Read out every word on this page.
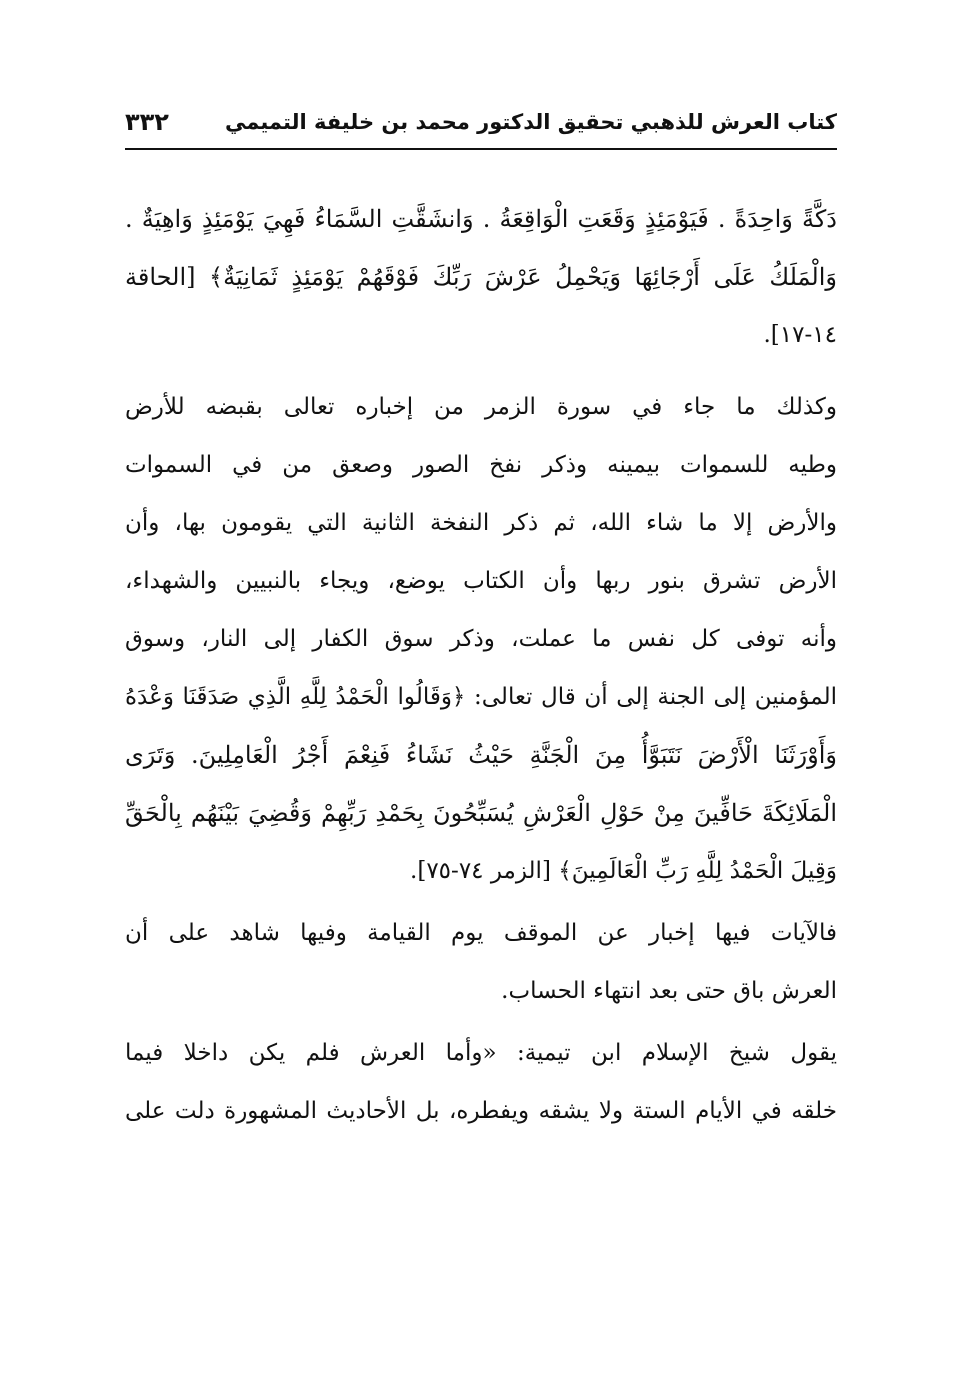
كتاب العرش للذهبي تحقيق الدكتور محمد بن خليفة التميمي
٣٣٢
دَكَّةً وَاحِدَةً . فَيَوْمَئِذٍ وَقَعَتِ الْوَاقِعَةُ . وَانشَقَّتِ السَّمَاءُ فَهِيَ يَوْمَئِذٍ وَاهِيَةٌ .
وَالْمَلَكُ عَلَى أَرْجَائِهَا وَيَحْمِلُ عَرْشَ رَبِّكَ فَوْقَهُمْ يَوْمَئِذٍ ثَمَانِيَةٌ﴾ [الحاقة
١٤-١٧].
وكذلك ما جاء في سورة الزمر من إخباره تعالى بقبضه للأرض
وطيه للسموات بيمينه وذكر نفخ الصور وصعق من في السموات
والأرض إلا ما شاء الله، ثم ذكر النفخة الثانية التي يقومون بها، وأن
الأرض تشرق بنور ربها وأن الكتاب يوضع، ويجاء بالنبيين والشهداء،
وأنه توفى كل نفس ما عملت، وذكر سوق الكفار إلى النار، وسوق
المؤمنين إلى الجنة إلى أن قال تعالى: ﴿وَقَالُوا الْحَمْدُ لِلَّهِ الَّذِي صَدَقَنَا وَعْدَهُ
وَأَوْرَثَنَا الْأَرْضَ نَتَبَوَّأُ مِنَ الْجَنَّةِ حَيْثُ نَشَاءُ فَنِعْمَ أَجْرُ الْعَامِلِينَ. وَتَرَى
الْمَلَائِكَةَ حَافِّينَ مِنْ حَوْلِ الْعَرْشِ يُسَبِّحُونَ بِحَمْدِ رَبِّهِمْ وَقُضِيَ بَيْنَهُم بِالْحَقِّ
وَقِيلَ الْحَمْدُ لِلَّهِ رَبِّ الْعَالَمِينَ﴾ [الزمر ٧٤-٧٥].
فالآيات فيها إخبار عن الموقف يوم القيامة وفيها شاهد على أن
العرش باق حتى بعد انتهاء الحساب.
يقول شيخ الإسلام ابن تيمية: «وأما العرش فلم يكن داخلا فيما
خلقه في الأيام الستة ولا يشقه ويفطره، بل الأحاديث المشهورة دلت على
